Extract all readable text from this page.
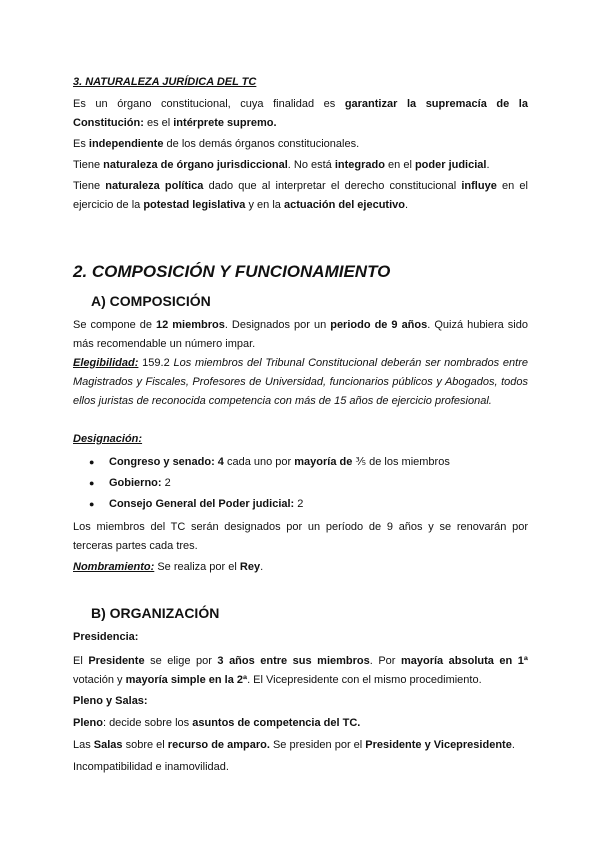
3. NATURALEZA JURÍDICA DEL TC
Es un órgano constitucional, cuya finalidad es garantizar la supremacía de la Constitución: es el intérprete supremo.
Es independiente de los demás órganos constitucionales.
Tiene naturaleza de órgano jurisdiccional. No está integrado en el poder judicial.
Tiene naturaleza política dado que al interpretar el derecho constitucional influye en el ejercicio de la potestad legislativa y en la actuación del ejecutivo.
2. COMPOSICIÓN Y FUNCIONAMIENTO
A) COMPOSICIÓN
Se compone de 12 miembros. Designados por un periodo de 9 años. Quizá hubiera sido más recomendable un número impar.
Elegibilidad: 159.2 Los miembros del Tribunal Constitucional deberán ser nombrados entre Magistrados y Fiscales, Profesores de Universidad, funcionarios públicos y Abogados, todos ellos juristas de reconocida competencia con más de 15 años de ejercicio profesional.
Designación:
● Congreso y senado: 4 cada uno por mayoría de ⅗ de los miembros
● Gobierno: 2
● Consejo General del Poder judicial: 2
Los miembros del TC serán designados por un período de 9 años y se renovarán por terceras partes cada tres.
Nombramiento: Se realiza por el Rey.
B) ORGANIZACIÓN
Presidencia:
El Presidente se elige por 3 años entre sus miembros. Por mayoría absoluta en 1ª votación y mayoría simple en la 2ª. El Vicepresidente con el mismo procedimiento.
Pleno y Salas:
Pleno: decide sobre los asuntos de competencia del TC.
Las Salas sobre el recurso de amparo. Se presiden por el Presidente y Vicepresidente.
Incompatibilidad e inamovilidad.
